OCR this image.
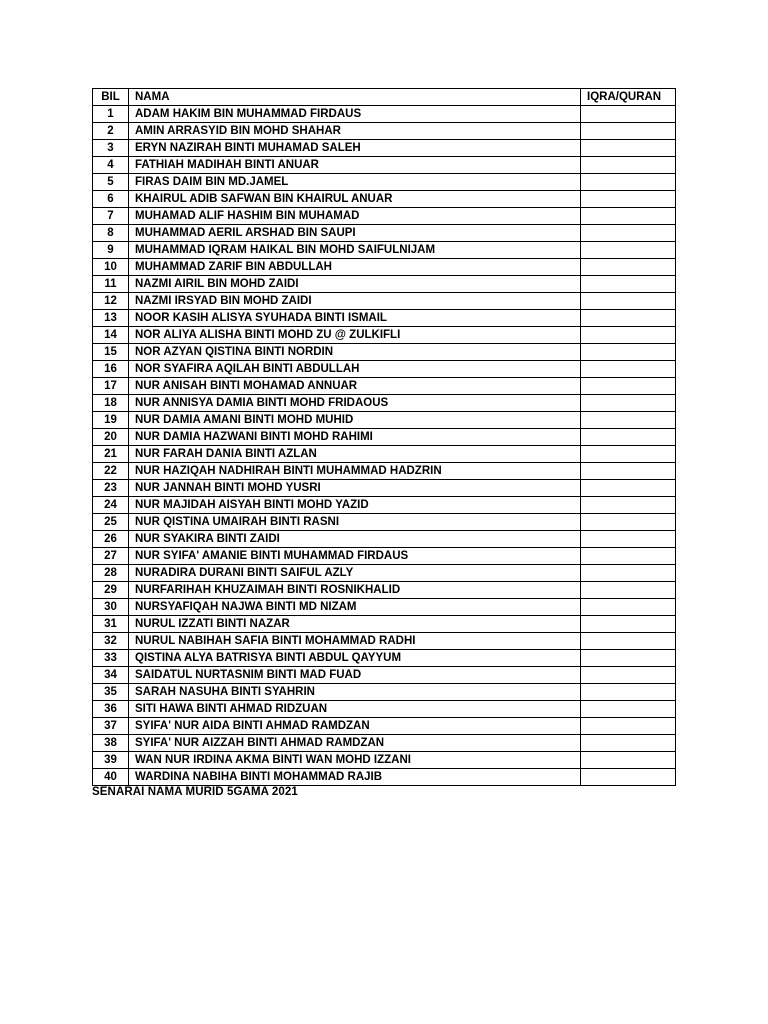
BIL	NAMA	IQRA/QURAN
1	ADAM HAKIM BIN MUHAMMAD FIRDAUS	
2	AMIN ARRASYID BIN MOHD SHAHAR	
3	ERYN NAZIRAH BINTI MUHAMAD SALEH	
4	FATHIAH MADIHAH BINTI ANUAR	
5	FIRAS DAIM BIN MD.JAMEL	
6	KHAIRUL ADIB SAFWAN BIN KHAIRUL ANUAR	
7	MUHAMAD ALIF HASHIM BIN MUHAMAD	
8	MUHAMMAD AERIL ARSHAD BIN SAUPI	
9	MUHAMMAD IQRAM HAIKAL BIN MOHD SAIFULNIJAM	
10	MUHAMMAD ZARIF BIN ABDULLAH	
11	NAZMI AIRIL BIN MOHD ZAIDI	
12	NAZMI IRSYAD BIN MOHD ZAIDI	
13	NOOR KASIH ALISYA SYUHADA BINTI ISMAIL	
14	NOR ALIYA ALISHA BINTI MOHD ZU @ ZULKIFLI	
15	NOR AZYAN QISTINA BINTI NORDIN	
16	NOR SYAFIRA AQILAH BINTI ABDULLAH	
17	NUR ANISAH BINTI MOHAMAD ANNUAR	
18	NUR ANNISYA DAMIA BINTI MOHD FRIDAOUS	
19	NUR DAMIA AMANI BINTI MOHD MUHID	
20	NUR DAMIA HAZWANI BINTI MOHD RAHIMI	
21	NUR FARAH DANIA BINTI AZLAN	
22	NUR HAZIQAH NADHIRAH BINTI MUHAMMAD HADZRIN	
23	NUR JANNAH BINTI MOHD YUSRI	
24	NUR MAJIDAH AISYAH BINTI MOHD YAZID	
25	NUR QISTINA UMAIRAH BINTI RASNI	
26	NUR SYAKIRA BINTI ZAIDI	
27	NUR SYIFA' AMANIE BINTI MUHAMMAD FIRDAUS	
28	NURADIRA DURANI BINTI SAIFUL AZLY	
29	NURFARIHAH KHUZAIMAH BINTI ROSNIKHALID	
30	NURSYAFIQAH NAJWA BINTI MD NIZAM	
31	NURUL IZZATI BINTI NAZAR	
32	NURUL NABIHAH SAFIA BINTI MOHAMMAD RADHI	
33	QISTINA ALYA BATRISYA BINTI ABDUL QAYYUM	
34	SAIDATUL NURTASNIM BINTI MAD FUAD	
35	SARAH NASUHA BINTI SYAHRIN	
36	SITI HAWA BINTI AHMAD RIDZUAN	
37	SYIFA' NUR AIDA BINTI AHMAD RAMDZAN	
38	SYIFA' NUR AIZZAH BINTI AHMAD RAMDZAN	
39	WAN NUR IRDINA AKMA BINTI WAN MOHD IZZANI	
40	WARDINA NABIHA BINTI MOHAMMAD RAJIB	
SENARAI NAMA MURID 5GAMA 2021
